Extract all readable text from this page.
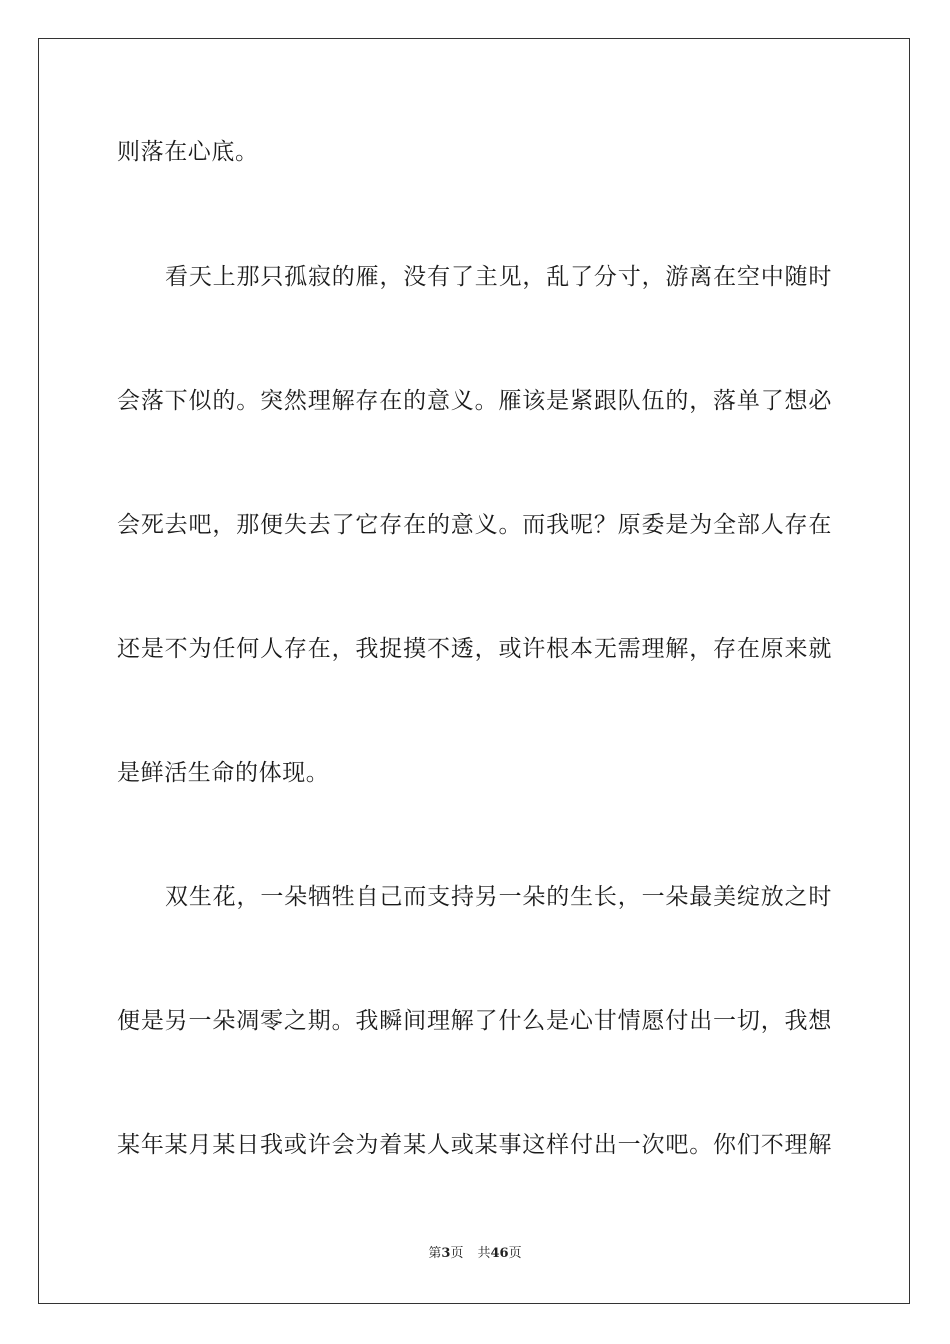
则落在心底。
看天上那只孤寂的雁，没有了主见，乱了分寸，游离在空中随时
会落下似的。突然理解存在的意义。雁该是紧跟队伍的，落单了想必
会死去吧，那便失去了它存在的意义。而我呢？原委是为全部人存在
还是不为任何人存在，我捉摸不透，或许根本无需理解，存在原来就
是鲜活生命的体现。
双生花，一朵牺牲自己而支持另一朵的生长，一朵最美绽放之时
便是另一朵凋零之期。我瞬间理解了什么是心甘情愿付出一切，我想
某年某月某日我或许会为着某人或某事这样付出一次吧。你们不理解
第3页 共46页
